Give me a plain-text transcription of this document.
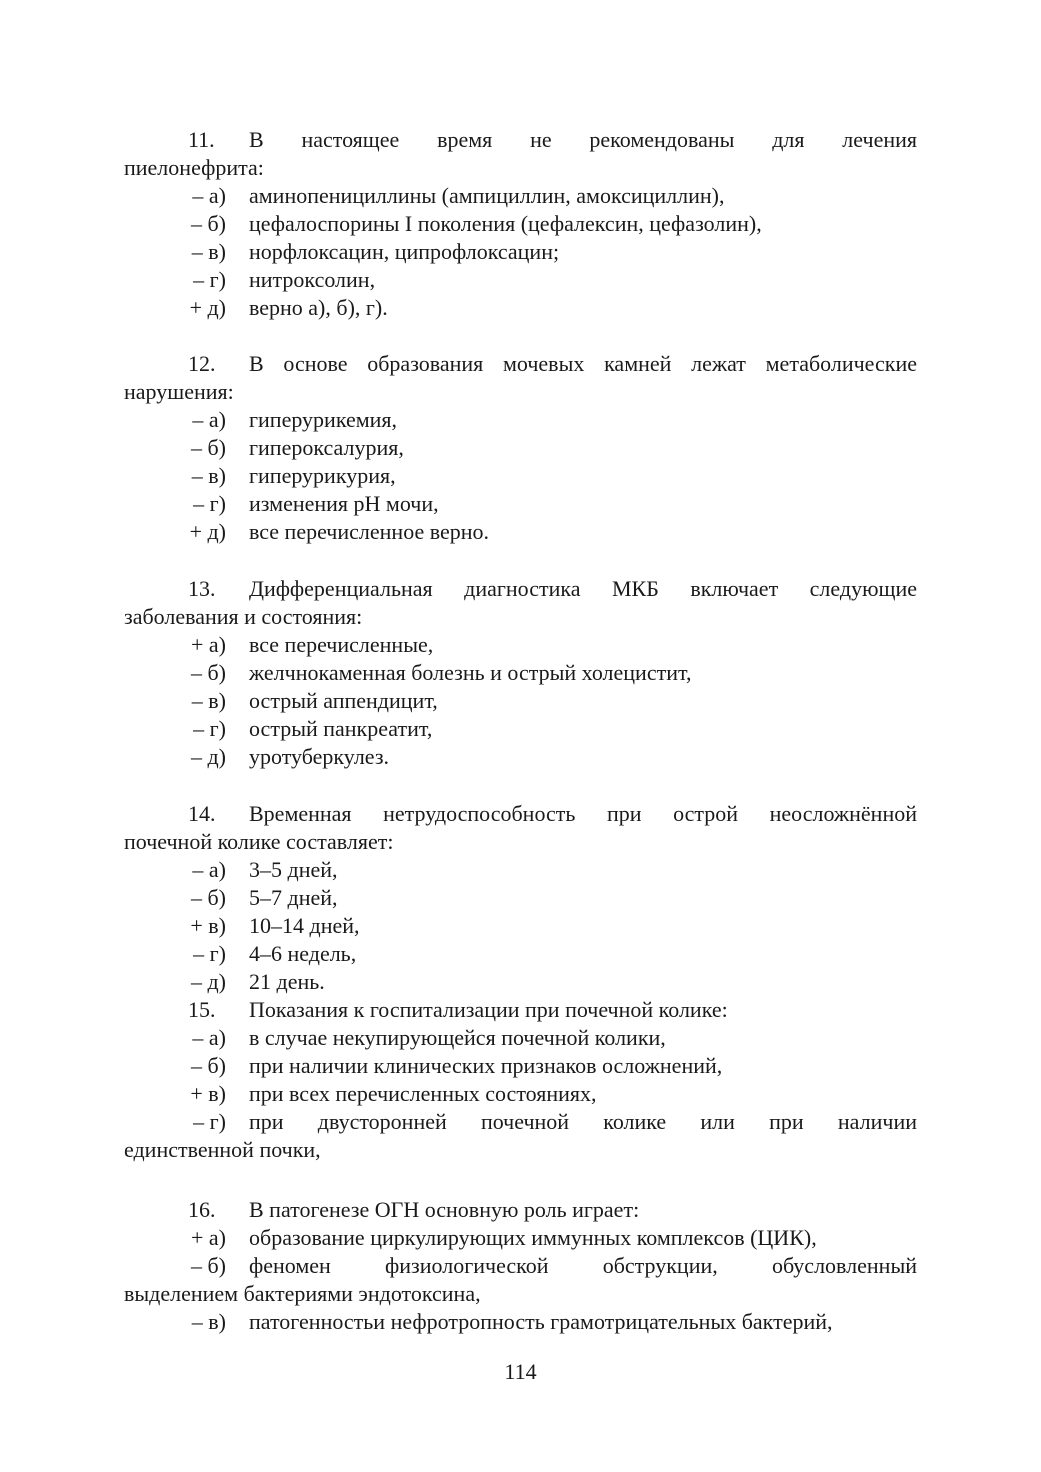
11. В настоящее время не рекомендованы для лечения
пиелонефрита:
– а) аминопенициллины (ампициллин, амоксициллин),
– б) цефалоспорины I поколения (цефалексин, цефазолин),
– в) норфлоксацин, ципрофлоксацин;
– г) нитроксолин,
+ д) верно а), б), г).
12. В основе образования мочевых камней лежат метаболические
нарушения:
– а) гиперурикемия,
– б) гипероксалурия,
– в) гиперурикурия,
– г) изменения рН мочи,
+ д) все перечисленное верно.
13. Дифференциальная диагностика МКБ включает следующие
заболевания и состояния:
+ а) все перечисленные,
– б) желчнокаменная болезнь и острый холецистит,
– в) острый аппендицит,
– г) острый панкреатит,
– д) уротуберкулез.
14. Временная нетрудоспособность при острой неосложнённой
почечной колике составляет:
– а) 3–5 дней,
– б) 5–7 дней,
+ в) 10–14 дней,
– г) 4–6 недель,
– д) 21 день.
15. Показания к госпитализации при почечной колике:
– а) в случае некупирующейся почечной колики,
– б) при наличии клинических признаков осложнений,
+ в) при всех перечисленных состояниях,
– г) при двусторонней почечной колике или при наличии
единственной почки,
16. В патогенезе ОГН основную роль играет:
+ а) образование циркулирующих иммунных комплексов (ЦИК),
– б) феномен физиологической обструкции, обусловленный
выделением бактериями эндотоксина,
– в) патогенностьи нефротропность грамотрицательных бактерий,
114
